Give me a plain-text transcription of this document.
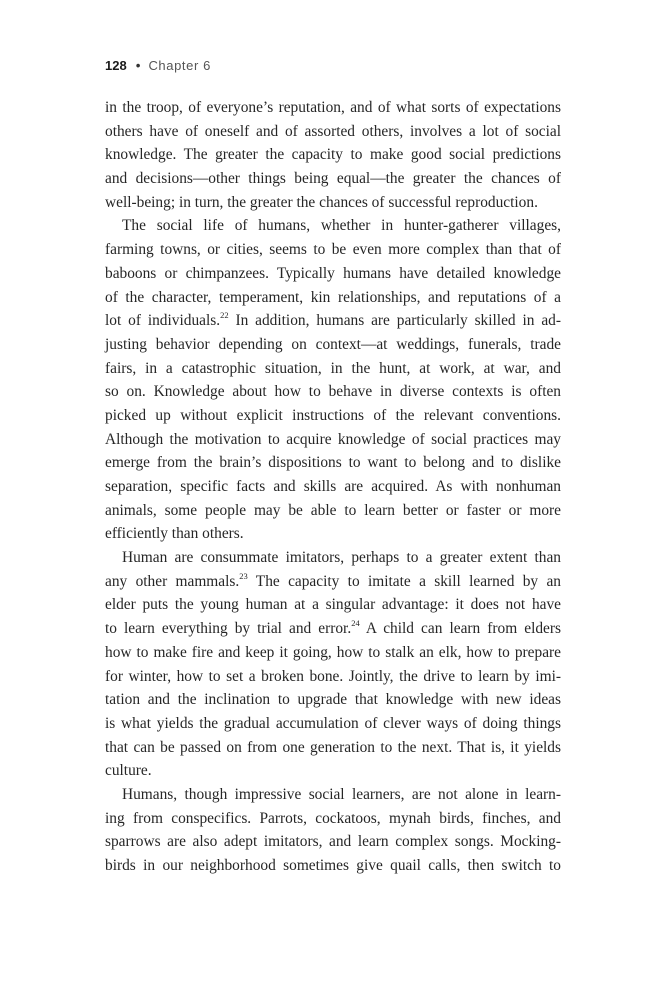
128 • Chapter 6
in the troop, of everyone’s reputation, and of what sorts of expectations
others have of oneself and of assorted others, involves a lot of social
knowledge. The greater the capacity to make good social predictions
and decisions—other things being equal—the greater the chances of
well-being; in turn, the greater the chances of successful reproduction.
The social life of humans, whether in hunter-gatherer villages,
farming towns, or cities, seems to be even more complex than that of
baboons or chimpanzees. Typically humans have detailed knowledge
of the character, temperament, kin relationships, and reputations of a
lot of individuals.$^{22}$ In addition, humans are particularly skilled in ad-
justing behavior depending on context—at weddings, funerals, trade
fairs, in a catastrophic situation, in the hunt, at work, at war, and
so on. Knowledge about how to behave in diverse contexts is often
picked up without explicit instructions of the relevant conventions.
Although the motivation to acquire knowledge of social practices may
emerge from the brain’s dispositions to want to belong and to dislike
separation, specific facts and skills are acquired. As with nonhuman
animals, some people may be able to learn better or faster or more
efficiently than others.
Human are consummate imitators, perhaps to a greater extent than
any other mammals.$^{23}$ The capacity to imitate a skill learned by an
elder puts the young human at a singular advantage: it does not have
to learn everything by trial and error.$^{24}$ A child can learn from elders
how to make fire and keep it going, how to stalk an elk, how to prepare
for winter, how to set a broken bone. Jointly, the drive to learn by imi-
tation and the inclination to upgrade that knowledge with new ideas
is what yields the gradual accumulation of clever ways of doing things
that can be passed on from one generation to the next. That is, it yields
culture.
Humans, though impressive social learners, are not alone in learn-
ing from conspecifics. Parrots, cockatoos, mynah birds, finches, and
sparrows are also adept imitators, and learn complex songs. Mocking-
birds in our neighborhood sometimes give quail calls, then switch to
